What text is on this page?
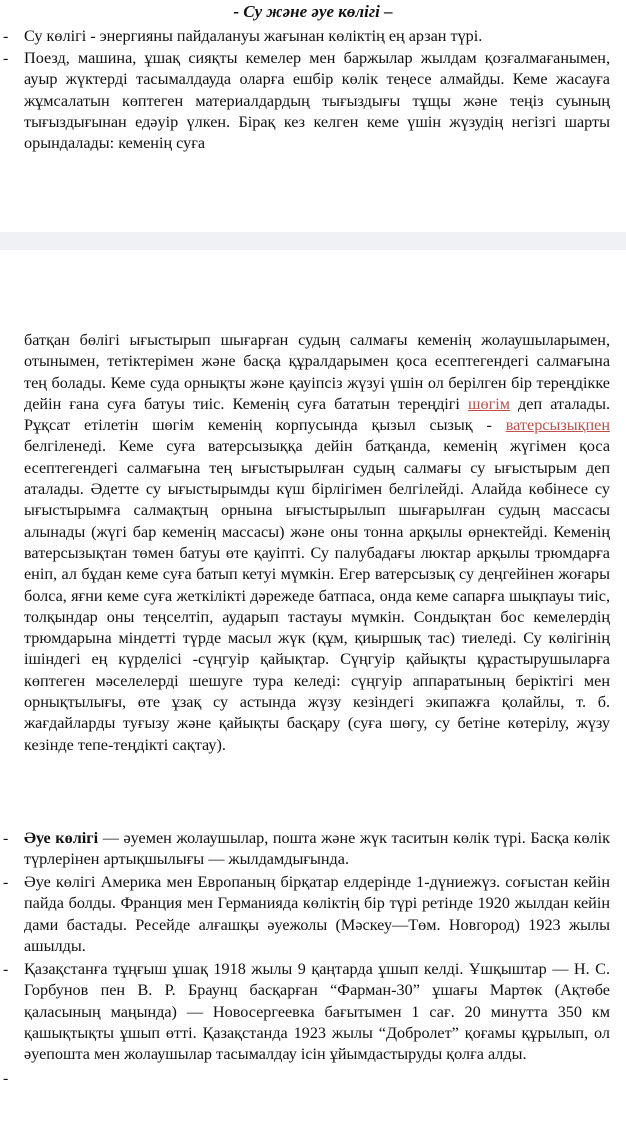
- Су және әуе көлігі –
- Су көлігі - энергияны пайдалануы жағынан көліктің ең арзан түрі.
- Поезд, машина, ұшақ сияқты кемелер мен баржылар жылдам қозғалмағанымен, ауыр жүктерді тасымалдауда оларға ешбір көлік теңесе алмайды. Кеме жасауға жұмсалатын көптеген материалдардың тығыздығы тұщы және теңіз суының тығыздығынан едәуір үлкен. Бірақ кез келген кеме үшін жүзудің негізгі шарты орындалады: кеменің суға
батқан бөлігі ығыстырып шығарған судың салмағы кеменің жолаушыларымен, отынымен, тетіктерімен және басқа құралдарымен қоса есептегендегі салмағына тең болады. Кеме суда орнықты және қауіпсіз жүзуі үшін ол берілген бір тереңдікке дейін ғана суға батуы тиіс. Кеменің суға бататын тереңдігі шөгім деп аталады. Рұқсат етілетін шөгім кеменің корпусында қызыл сызық - ватерсызықпен белгіленеді. Кеме суға ватерсызыққа дейін батқанда, кеменің жүгімен қоса есептегендегі салмағына тең ығыстырылған судың салмағы су ығыстырым деп аталады. Әдетте су ығыстырымды күш бірлігімен белгілейді. Алайда көбінесе су ығыстырымға салмақтың орнына ығыстырылып шығарылған судың массасы алынады (жүгі бар кеменің массасы) және оны тонна арқылы өрнектейді. Кеменің ватерсызықтан төмен батуы өте қауіпті. Су палубадағы люктар арқылы трюмдарға еніп, ал бұдан кеме суға батып кетуі мүмкін. Егер ватерсызық су деңгейінен жоғары болса, яғни кеме суға жеткілікті дәрежеде батпаса, онда кеме сапарға шықпауы тиіс, толқындар оны теңселтіп, аударып тастауы мүмкін. Сондықтан бос кемелердің трюмдарына міндетті түрде масыл жүк (құм, қиыршық тас) тиеледі. Су көлігінің ішіндегі ең күрделісі -сүңгуір қайықтар. Сүңгуір қайықты құрастырушыларға көптеген мәселелерді шешуге тура келеді: сүңгуір аппаратының беріктігі мен орнықтылығы, өте ұзақ су астында жүзу кезіндегі экипажға қолайлы, т. б. жағдайларды туғызу және қайықты басқару (суға шөгу, су бетіне көтерілу, жүзу кезінде тепе-теңдікті сақтау).
- Әуе көлігі — әуемен жолаушылар, пошта және жүк таситын көлік түрі. Басқа көлік түрлерінен артықшылығы — жылдамдығында.
- Әуе көлігі Америка мен Европаның бірқатар елдерінде 1-дүниежүз. соғыстан кейін пайда болды. Франция мен Германияда көліктің бір түрі ретінде 1920 жылдан кейін дами бастады. Ресейде алғашқы әуежолы (Мәскеу—Төм. Новгород) 1923 жылы ашылды.
- Қазақстанға тұңғыш ұшақ 1918 жылы 9 қаңтарда ұшып келді. Ұшқыштар — Н. С. Горбунов пен В. Р. Браунц басқарған “Фарман-30” ұшағы Мартөк (Ақтөбе қаласының маңында) — Новосергеевка бағытымен 1 сағ. 20 минутта 350 км қашықтықты ұшып өтті. Қазақстанда 1923 жылы “Добролет” қоғамы құрылып, ол әуепошта мен жолаушылар тасымалдау ісін ұйымдастыруды қолға алды.
-
